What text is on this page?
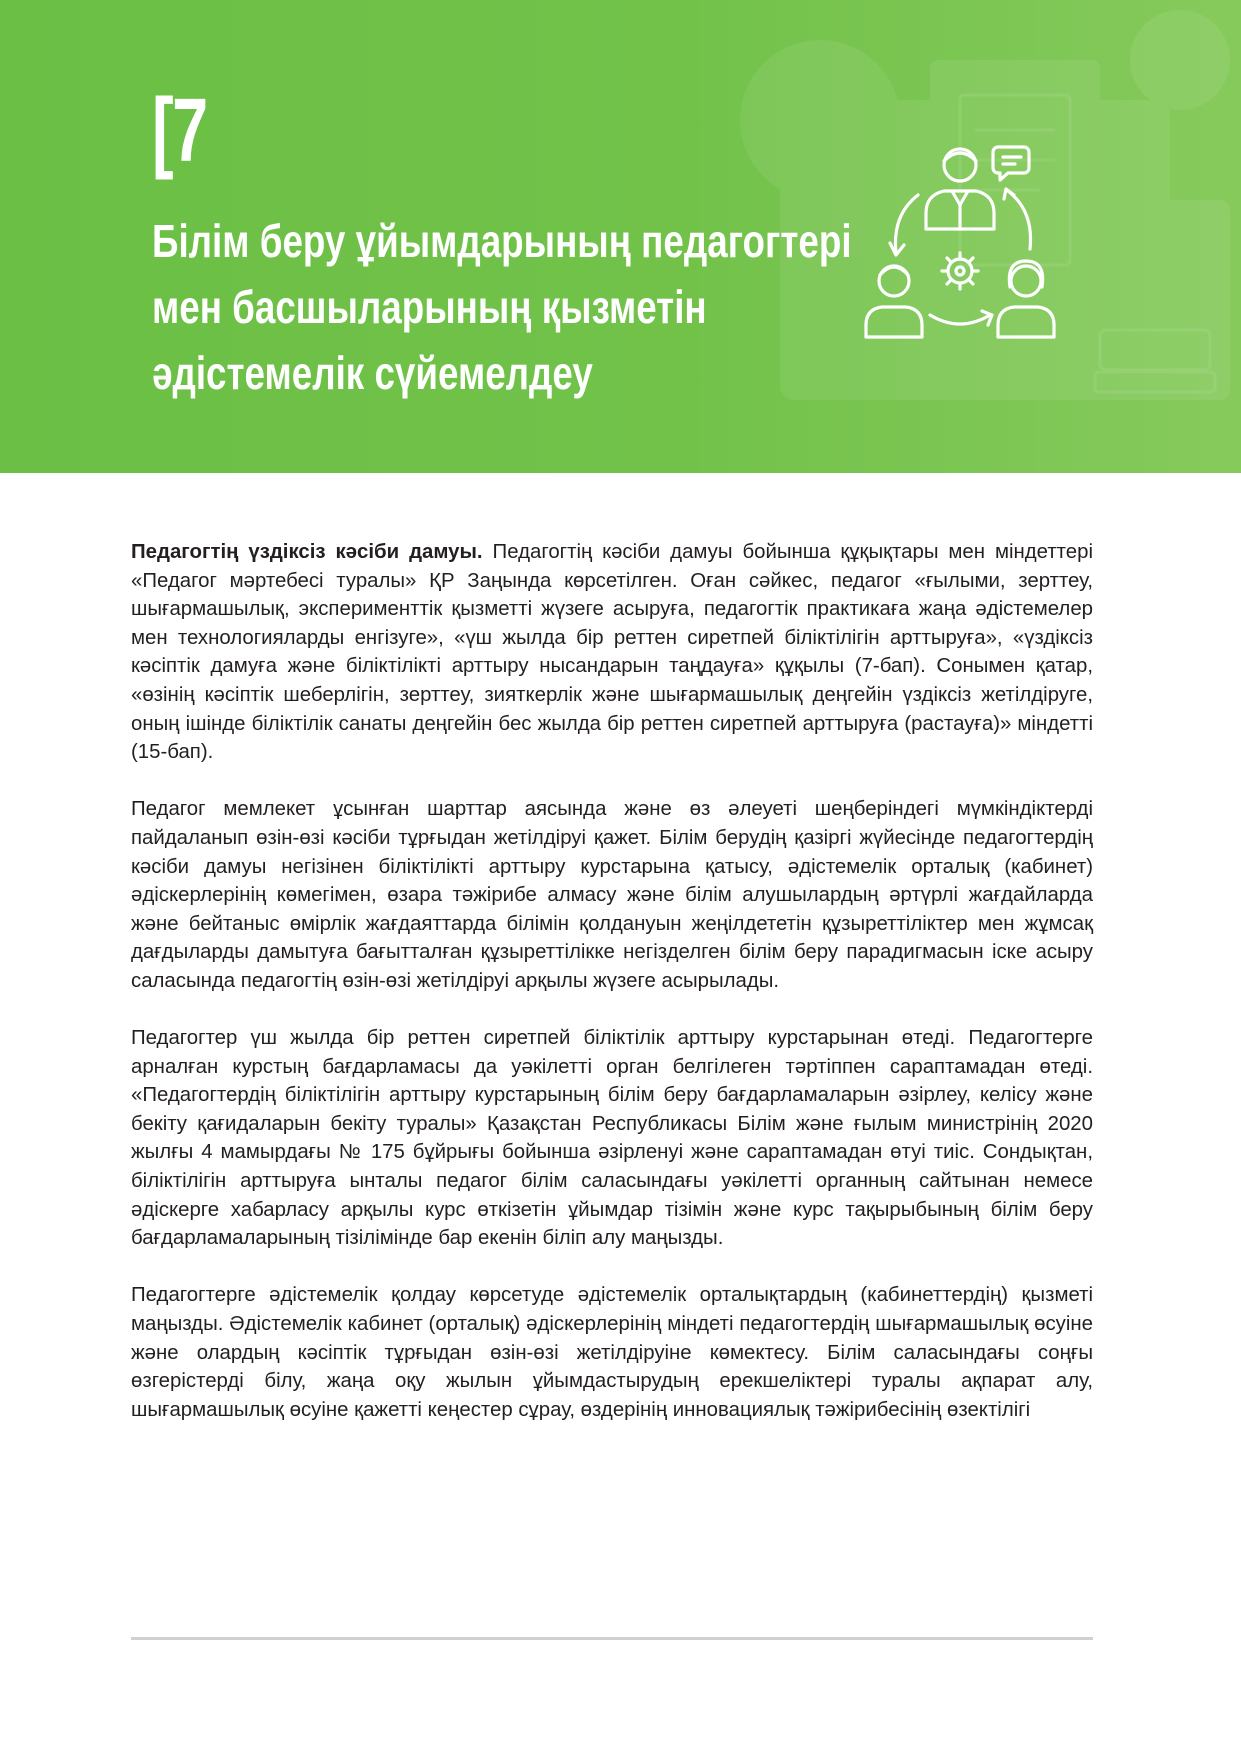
[7
Білім беру ұйымдарының педагогтері
мен басшыларының қызметін
әдістемелік сүйемелдеу

Педагогтің үздіксіз кәсіби дамуы. Педагогтің кәсіби дамуы бойынша құқықтары мен міндеттері «Педагог мәртебесі туралы» ҚР Заңында көрсетілген. Оған сәйкес, педагог «ғылыми, зерттеу, шығармашылық, эксперименттік қызметті жүзеге асыруға, педагогтік практикаға жаңа әдістемелер мен технологияларды енгізуге», «үш жылда бір реттен сиретпей біліктілігін арттыруға», «үздіксіз кәсіптік дамуға және біліктілікті арттыру нысандарын таңдауға» құқылы (7-бап). Сонымен қатар, «өзінің кәсіптік шеберлігін, зерттеу, зияткерлік және шығармашылық деңгейін үздіксіз жетілдіруге, оның ішінде біліктілік санаты деңгейін бес жылда бір реттен сиретпей арттыруға (растауға)» міндетті (15-бап).

Педагог мемлекет ұсынған шарттар аясында және өз әлеуеті шеңберіндегі мүмкіндіктерді пайдаланып өзін-өзі кәсіби тұрғыдан жетілдіруі қажет. Білім берудің қазіргі жүйесінде педагогтердің кәсіби дамуы негізінен біліктілікті арттыру курстарына қатысу, әдістемелік орталық (кабинет) әдіскерлерінің көмегімен, өзара тәжірибе алмасу және білім алушылардың әртүрлі жағдайларда және бейтаныс өмірлік жағдаяттарда білімін қолдануын жеңілдететін құзыреттіліктер мен жұмсақ дағдыларды дамытуға бағытталған құзыреттілікке негізделген білім беру парадигмасын іске асыру саласында педагогтің өзін-өзі жетілдіруі арқылы жүзеге асырылады.

Педагогтер үш жылда бір реттен сиретпей біліктілік арттыру курстарынан өтеді. Педагогтерге арналған курстың бағдарламасы да уәкілетті орган белгілеген тәртіппен сараптамадан өтеді. «Педагогтердің біліктілігін арттыру курстарының білім беру бағдарламаларын әзірлеу, келісу және бекіту қағидаларын бекіту туралы» Қазақстан Республикасы Білім және ғылым министрінің 2020 жылғы 4 мамырдағы № 175 бұйрығы бойынша әзірленуі және сараптамадан өтуі тиіс. Сондықтан, біліктілігін арттыруға ынталы педагог білім саласындағы уәкілетті органның сайтынан немесе әдіскерге хабарласу арқылы курс өткізетін ұйымдар тізімін және курс тақырыбының білім беру бағдарламаларының тізілімінде бар екенін біліп алу маңызды.

Педагогтерге әдістемелік қолдау көрсетуде әдістемелік орталықтардың (кабинеттердің) қызметі маңызды. Әдістемелік кабинет (орталық) әдіскерлерінің міндеті педагогтердің шығармашылық өсуіне және олардың кәсіптік тұрғыдан өзін-өзі жетілдіруіне көмектесу. Білім саласындағы соңғы өзгерістерді білу, жаңа оқу жылын ұйымдастырудың ерекшеліктері туралы ақпарат алу, шығармашылық өсуіне қажетті кеңестер сұрау, өздерінің инновациялық тәжірибесінің өзектілігі
